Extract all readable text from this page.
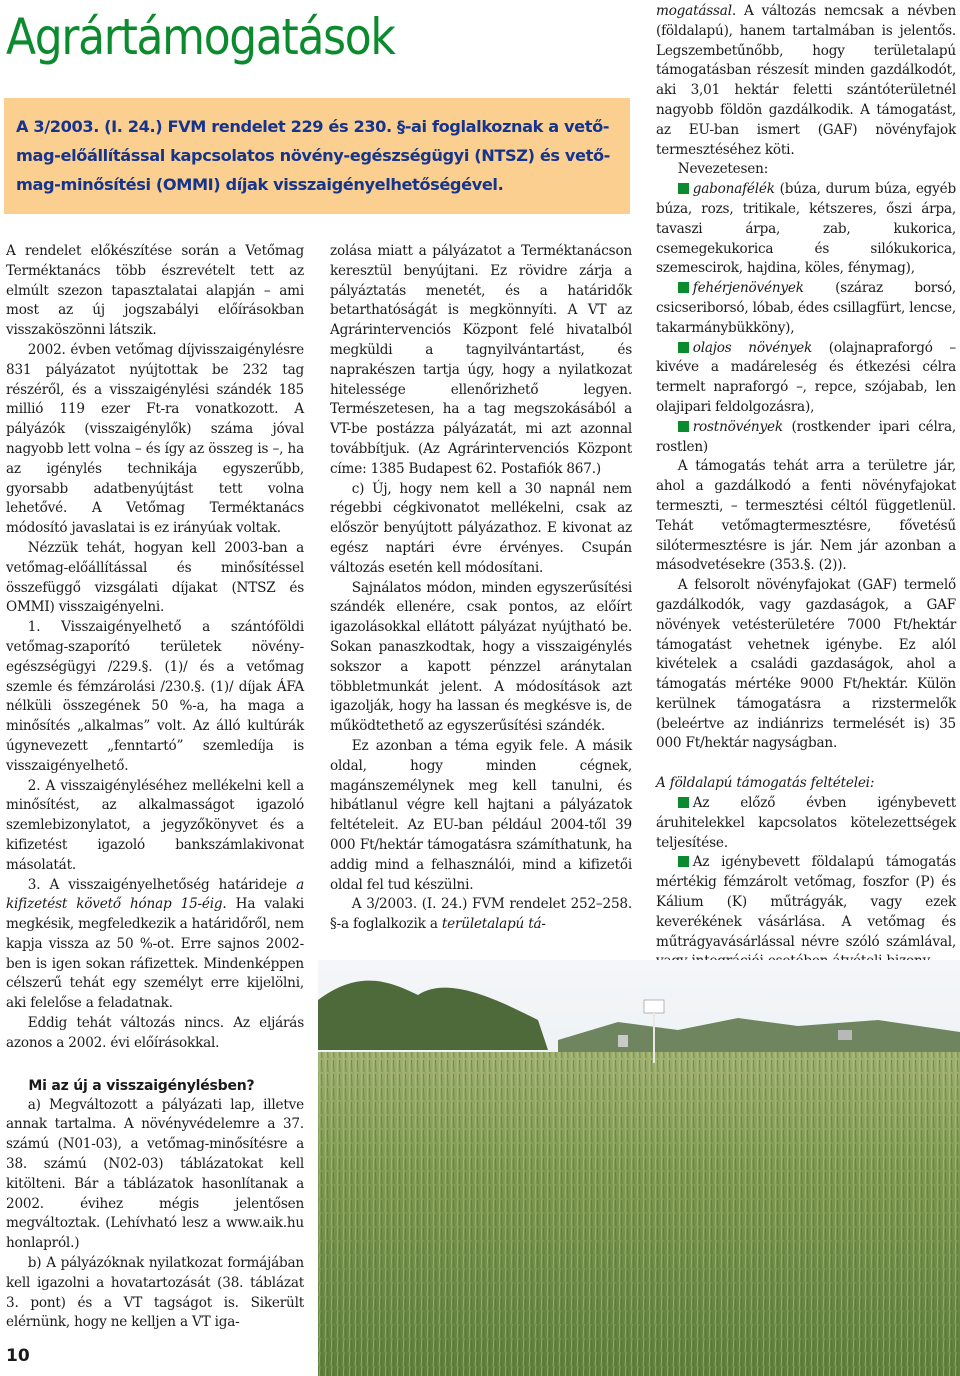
Agrártámogatások

A 3/2003. (I. 24.) FVM rendelet 229 és 230. §-ai foglalkoznak a vető-
mag-előállítással kapcsolatos növény-egészségügyi (NTSZ) és vető-
mag-minősítési (OMMI) díjak visszaigényelhetőségével.

A rendelet előkészítése során a Vetőmag Terméktanács több észrevételt tett az elmúlt szezon tapasztalatai alapján – ami most az új jogszabályi előírásokban visszaköszönni látszik.

2002. évben vetőmag díjvisszaigénylésre 831 pályázatot nyújtottak be 232 tag részéről, és a visszaigénylési szándék 185 millió 119 ezer Ft-ra vonatkozott. A pályázók (visszaigénylők) száma jóval nagyobb lett volna – és így az összeg is –, ha az igénylés technikája egyszerűbb, gyorsabb adatbenyújtást tett volna lehetővé. A Vetőmag Terméktanács módosító javaslatai is ez irányúak voltak.

Nézzük tehát, hogyan kell 2003-ban a vetőmag-előállítással és minősítéssel összefüggő vizsgálati díjakat (NTSZ és OMMI) visszaigényelni.

1. Visszaigényelhető a szántóföldi vetőmag-szaporító területek növény-egészségügyi /229.§. (1)/ és a vetőmag szemle és fémzárolási /230.§. (1)/ díjak ÁFA nélküli összegének 50 %-a, ha maga a minősítés „alkalmas” volt. Az álló kultúrák úgynevezett „fenntartó” szemledíja is visszaigényelhető.

2. A visszaigényléséhez mellékelni kell a minősítést, az alkalmasságot igazoló szemlebizonylatot, a jegyzőkönyvet és a kifizetést igazoló bankszámlakivonat másolatát.

3. A visszaigényelhetőség határideje a kifizetést követő hónap 15-éig. Ha valaki megkésik, megfeledkezik a határidőről, nem kapja vissza az 50 %-ot. Erre sajnos 2002-ben is igen sokan ráfizettek. Mindenképpen célszerű tehát egy személyt erre kijelölni, aki felelőse a feladatnak.

Eddig tehát változás nincs. Az eljárás azonos a 2002. évi előírásokkal.

Mi az új a visszaigénylésben?

a) Megváltozott a pályázati lap, illetve annak tartalma. A növényvédelemre a 37. számú (N01-03), a vetőmag-minősítésre a 38. számú (N02-03) táblázatokat kell kitölteni. Bár a táblázatok hasonlítanak a 2002. évihez mégis jelentősen megváltoztak. (Lehívható lesz a www.aik.hu honlapról.)

b) A pályázóknak nyilatkozat formájában kell igazolni a hovatartozását (38. táblázat 3. pont) és a VT tagságot is. Sikerült elérnünk, hogy ne kelljen a VT iga-

zolása miatt a pályázatot a Terméktanácson keresztül benyújtani. Ez rövidre zárja a pályáztatás menetét, és a határidők betarthatóságát is megkönnyíti. A VT az Agrárintervenciós Központ felé hivatalból megküldi a tagnyilvántartást, és naprakészen tartja úgy, hogy a nyilatkozat hitelessége ellenőrizhető legyen. Természetesen, ha a tag megszokásából a VT-be postázza pályázatát, mi azt azonnal továbbítjuk. (Az Agrárintervenciós Központ címe: 1385 Budapest 62. Postafiók 867.)

c) Új, hogy nem kell a 30 napnál nem régebbi cégkivonatot mellékelni, csak az először benyújtott pályázathoz. E kivonat az egész naptári évre érvényes. Csupán változás esetén kell módosítani.

Sajnálatos módon, minden egyszerűsítési szándék ellenére, csak pontos, az előírt igazolásokkal ellátott pályázat nyújtható be. Sokan panaszkodtak, hogy a visszaigénylés sokszor a kapott pénzzel aránytalan többletmunkát jelent. A módosítások azt igazolják, hogy ha lassan és megkésve is, de működtethető az egyszerűsítési szándék.

Ez azonban a téma egyik fele. A másik oldal, hogy minden cégnek, magánszemélynek meg kell tanulni, és hibátlanul végre kell hajtani a pályázatok feltételeit. Az EU-ban például 2004-től 39 000 Ft/hektár támogatásra számíthatunk, ha addig mind a felhasználói, mind a kifizetői oldal fel tud készülni.

A 3/2003. (I. 24.) FVM rendelet 252–258. §-a foglalkozik a területalapú tá-

mogatással. A változás nemcsak a névben (földalapú), hanem tartalmában is jelentős. Legszembetűnőbb, hogy területalapú támogatásban részesít minden gazdálkodót, aki 3,01 hektár feletti szántóterületnél nagyobb földön gazdálkodik. A támogatást, az EU-ban ismert (GAF) növényfajok termesztéséhez köti.

Nevezetesen:

gabonafélék (búza, durum búza, egyéb búza, rozs, tritikale, kétszeres, őszi árpa, tavaszi árpa, zab, kukorica, csemegekukorica és silókukorica, szemescirok, hajdina, köles, fénymag),

fehérjenövények (száraz borsó, csicseriborsó, lóbab, édes csillagfürt, lencse, takarmánybükköny),

olajos növények (olajnapraforgó – kivéve a madáreleség és étkezési célra termelt napraforgó –, repce, szójabab, len olajipari feldolgozásra),

rostnövények (rostkender ipari célra, rostlen)

A támogatás tehát arra a területre jár, ahol a gazdálkodó a fenti növényfajokat termeszti, – termesztési céltól függetlenül. Tehát vetőmagtermesztésre, fővetésű silótermesztésre is jár. Nem jár azonban a másodvetésekre (353.§. (2)).

A felsorolt növényfajokat (GAF) termelő gazdálkodók, vagy gazdaságok, a GAF növények vetésterületére 7000 Ft/hektár támogatást vehetnek igénybe. Ez alól kivételek a családi gazdaságok, ahol a támogatás mértéke 9000 Ft/hektár. Külön kerülnek támogatásra a rizstermelők (beleértve az indiánrizs termelését is) 35 000 Ft/hektár nagyságban.

A földalapú támogatás feltételei:

Az előző évben igénybevett áruhitelekkel kapcsolatos kötelezettségek teljesítése.

Az igénybevett földalapú támogatás mértékig fémzárolt vetőmag, foszfor (P) és Kálium (K) műtrágyák, vagy ezek keverékének vásárlása. A vetőmag és műtrágyavásárlással névre szóló számlával,

10
